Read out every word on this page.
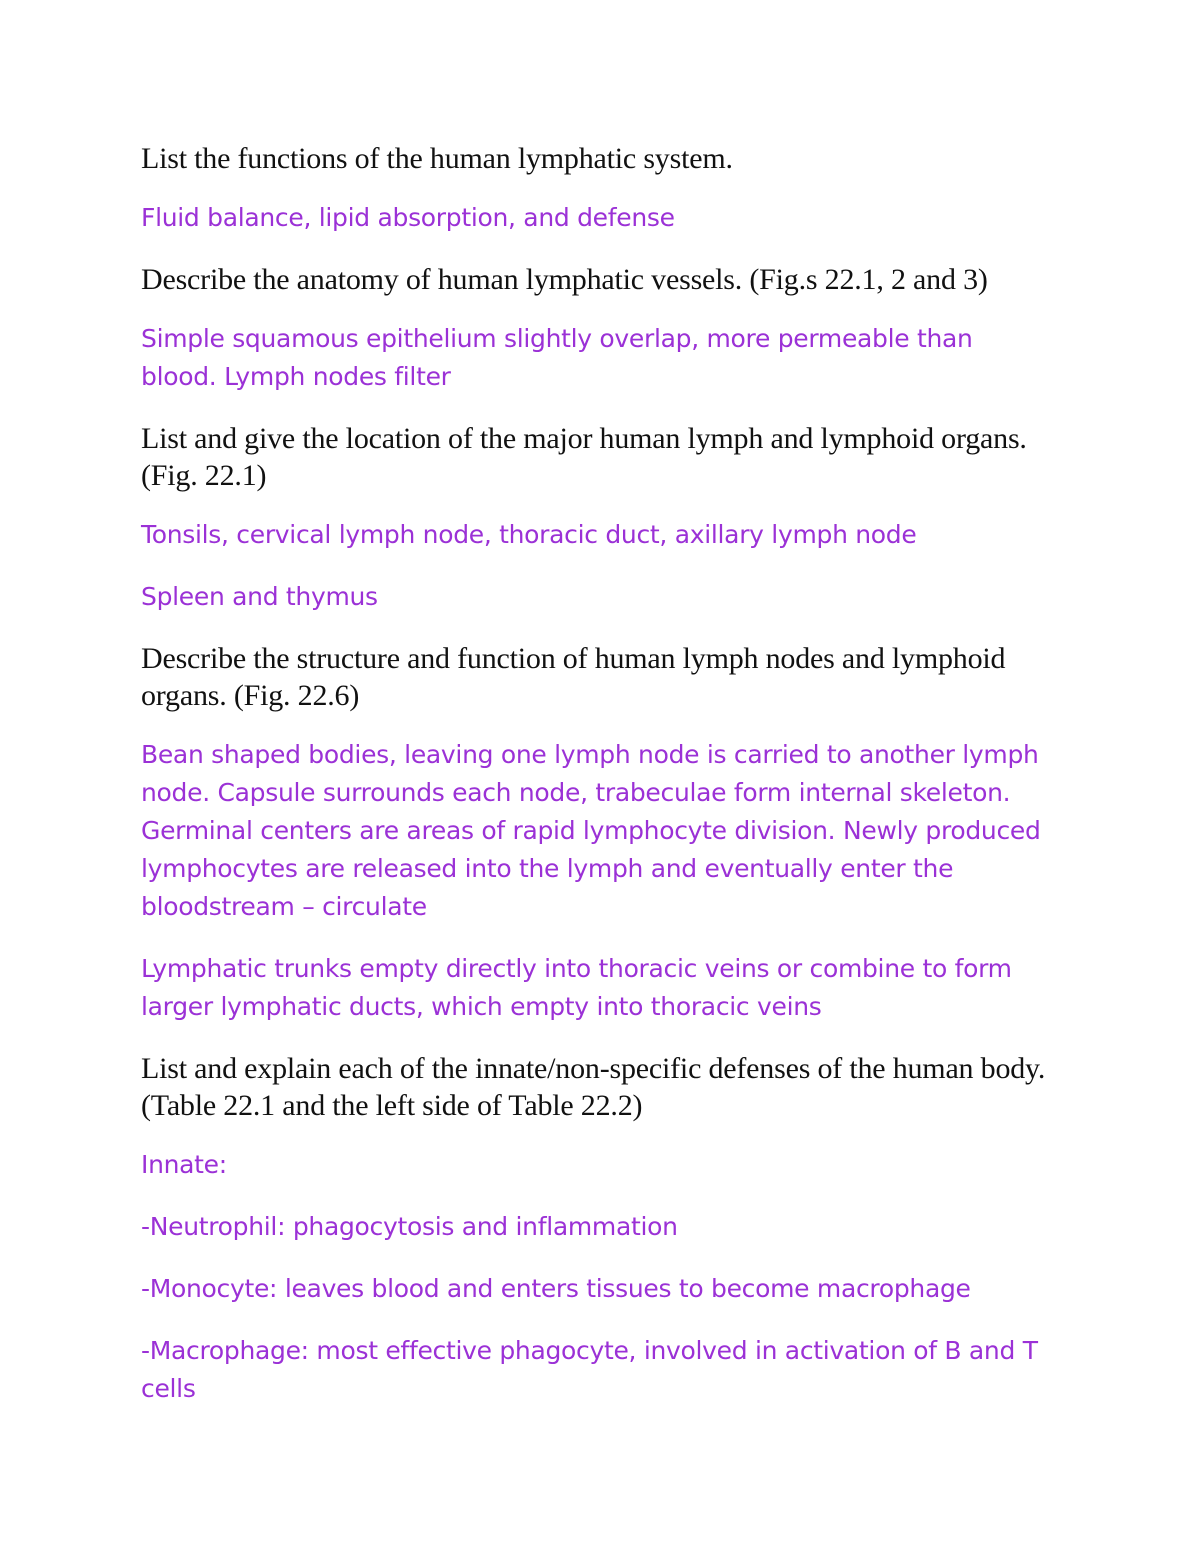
List the functions of the human lymphatic system.

Fluid balance, lipid absorption, and defense

Describe the anatomy of human lymphatic vessels. (Fig.s 22.1, 2 and 3)

Simple squamous epithelium slightly overlap, more permeable than blood. Lymph nodes filter

List and give the location of the major human lymph and lymphoid organs. (Fig. 22.1)

Tonsils, cervical lymph node, thoracic duct, axillary lymph node

Spleen and thymus

Describe the structure and function of human lymph nodes and lymphoid organs. (Fig. 22.6)

Bean shaped bodies, leaving one lymph node is carried to another lymph node. Capsule surrounds each node, trabeculae form internal skeleton. Germinal centers are areas of rapid lymphocyte division. Newly produced lymphocytes are released into the lymph and eventually enter the bloodstream – circulate

Lymphatic trunks empty directly into thoracic veins or combine to form larger lymphatic ducts, which empty into thoracic veins

List and explain each of the innate/non-specific defenses of the human body. (Table 22.1 and the left side of Table 22.2)

Innate:

-Neutrophil: phagocytosis and inflammation

-Monocyte: leaves blood and enters tissues to become macrophage

-Macrophage: most effective phagocyte, involved in activation of B and T cells
